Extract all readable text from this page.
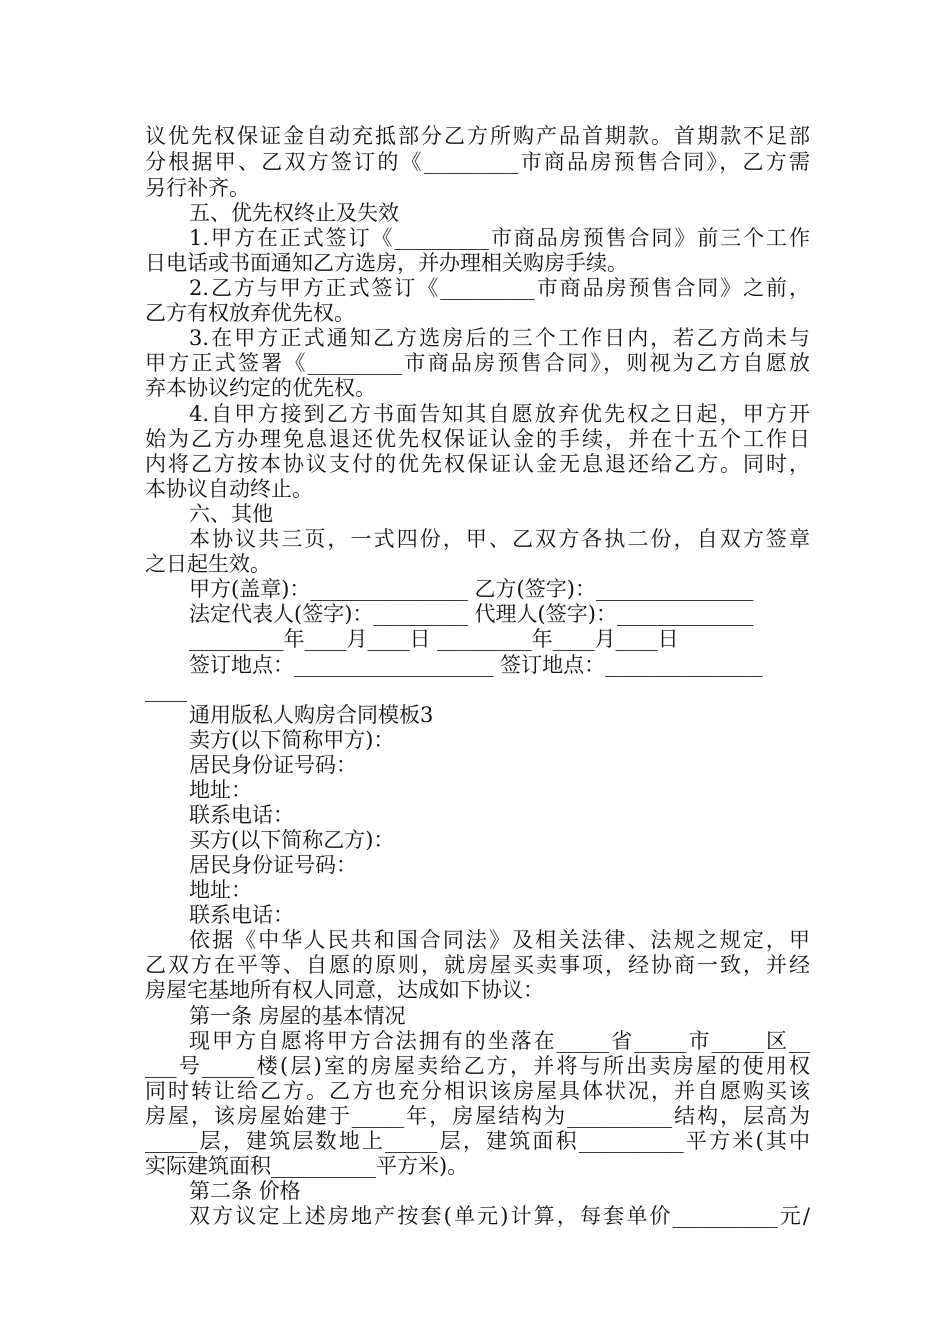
议优先权保证金自动充抵部分乙方所购产品首期款。首期款不足部
分根据甲、乙双方签订的《_________市商品房预售合同》，乙方需
另行补齐。
五、优先权终止及失效
1.甲方在正式签订《_________市商品房预售合同》前三个工作
日电话或书面通知乙方选房，并办理相关购房手续。
2.乙方与甲方正式签订《_________市商品房预售合同》之前，
乙方有权放弃优先权。
3.在甲方正式通知乙方选房后的三个工作日内，若乙方尚未与
甲方正式签署《_________市商品房预售合同》，则视为乙方自愿放
弃本协议约定的优先权。
4.自甲方接到乙方书面告知其自愿放弃优先权之日起，甲方开
始为乙方办理免息退还优先权保证认金的手续，并在十五个工作日
内将乙方按本协议支付的优先权保证认金无息退还给乙方。同时，
本协议自动终止。
六、其他
本协议共三页，一式四份，甲、乙双方各执二份，自双方签章
之日起生效。
甲方(盖章)：_______________ 乙方(签字)：_______________
法定代表人(签字)：_________ 代理人(签字)：_____________
_________年____月____日 _________年____月____日
签订地点：___________________ 签订地点：_______________
____
通用版私人购房合同模板3
卖方(以下简称甲方)：
居民身份证号码：
地址：
联系电话：
买方(以下简称乙方)：
居民身份证号码：
地址：
联系电话：
依据《中华人民共和国合同法》及相关法律、法规之规定，甲
乙双方在平等、自愿的原则，就房屋买卖事项，经协商一致，并经
房屋宅基地所有权人同意，达成如下协议：
第一条 房屋的基本情况
现甲方自愿将甲方合法拥有的坐落在_____省_____市_____区__
___号_____楼(层)室的房屋卖给乙方，并将与所出卖房屋的使用权
同时转让给乙方。乙方也充分相识该房屋具体状况，并自愿购买该
房屋，该房屋始建于_____年，房屋结构为__________结构，层高为
_____层，建筑层数地上_____层，建筑面积__________平方米(其中
实际建筑面积__________平方米)。
第二条 价格
双方议定上述房地产按套(单元)计算，每套单价__________元/
